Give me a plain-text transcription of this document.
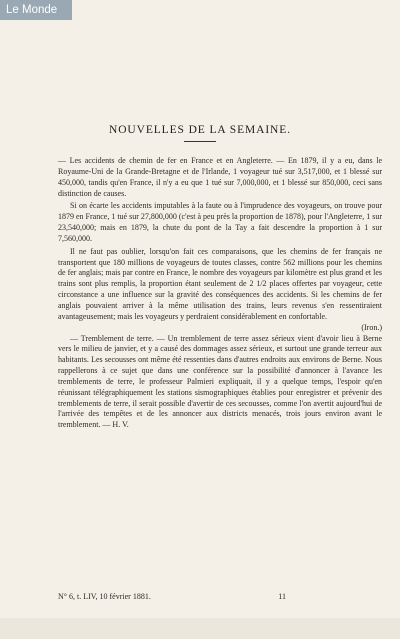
Le Monde
NOUVELLES DE LA SEMAINE.

— Les accidents de chemin de fer en France et en Angleterre. — En 1879, il y a eu, dans le Royaume-Uni de la Grande-Bretagne et de l'Irlande, 1 voyageur tué sur 3,517,000, et 1 blessé sur 450,000, tandis qu'en France, il n'y a eu que 1 tué sur 7,000,000, et 1 blessé sur 850,000, ceci sans distinction de causes.

Si on écarte les accidents imputables à la faute ou à l'imprudence des voyageurs, on trouve pour 1879 en France, 1 tué sur 27,800,000 (c'est à peu près la proportion de 1878), pour l'Angleterre, 1 sur 23,540,000; mais en 1879, la chute du pont de la Tay a fait descendre la proportion à 1 sur 7,560,000.

Il ne faut pas oublier, lorsqu'on fait ces comparaisons, que les chemins de fer français ne transportent que 180 millions de voyageurs de toutes classes, contre 562 millions pour les chemins de fer anglais; mais par contre en France, le nombre des voyageurs par kilomètre est plus grand et les trains sont plus remplis, la proportion étant seulement de 2 1/2 places offertes par voyageur, cette circonstance a une influence sur la gravité des conséquences des accidents. Si les chemins de fer anglais pouvaient arriver à la même utilisation des trains, leurs revenus s'en ressentiraient avantageusement; mais les voyageurs y perdraient considérablement en confortable.

(Iron.)

— Tremblement de terre. — Un tremblement de terre assez sérieux vient d'avoir lieu à Berne vers le milieu de janvier, et y a causé des dommages assez sérieux, et surtout une grande terreur aux habitants. Les secousses ont même été ressenties dans d'autres endroits aux environs de Berne. Nous rappellerons à ce sujet que dans une conférence sur la possibilité d'annoncer à l'avance les tremblements de terre, le professeur Palmieri expliquait, il y a quelque temps, l'espoir qu'en réunissant télégraphiquement les stations sismographiques établies pour enregistrer et prévenir des tremblements de terre, il serait possible d'avertir de ces secousses, comme l'on avertit aujourd'hui de l'arrivée des tempêtes et de les annoncer aux districts menacés, trois jours environ avant le tremblement. — H. V.

N° 6, t. LIV, 10 février 1881.	11
